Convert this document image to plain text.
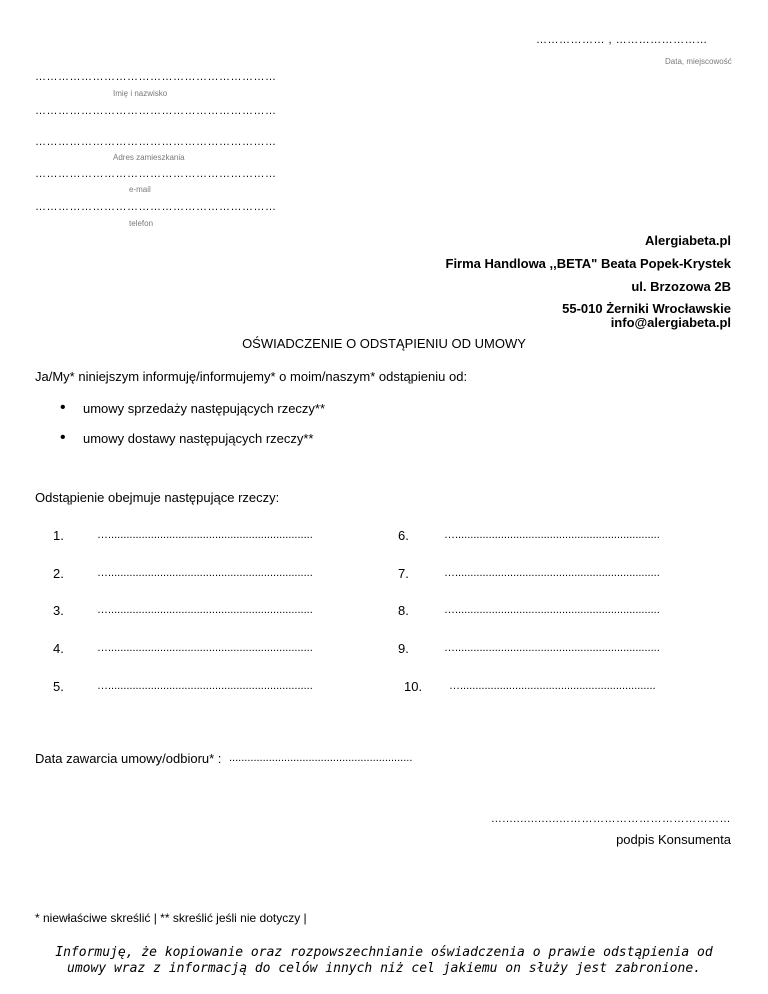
……………… , ……………………
Data, miejscowość
………………………………………………………
Imię i nazwisko
………………………………………………………
………………………………………………………
Adres zamieszkania
………………………………………………………
e-mail
………………………………………………………
telefon
Alergiabeta.pl
Firma Handlowa ,,BETA" Beata Popek-Krystek
ul. Brzozowa 2B
55-010 Żerniki Wrocławskie
info@alergiabeta.pl
OŚWIADCZENIE O ODSTĄPIENIU OD UMOWY
Ja/My* niniejszym informuję/informujemy* o moim/naszym* odstąpieniu od:
• umowy sprzedaży następujących rzeczy**
• umowy dostawy następujących rzeczy**
Odstąpienie obejmuje następujące rzeczy:
1.	…...................................................................
2.	…...................................................................
3.	…...................................................................
4.	…...................................................................
5.	…...................................................................
6.	…...................................................................
7.	…...................................................................
8.	…...................................................................
9.	…...................................................................
10. …................................................................
Data zawarcia umowy/odbioru* : ............................................................
…...................……………………………………
podpis Konsumenta
* niewłaściwe skreślić | ** skreślić jeśli nie dotyczy |
Informuję, że kopiowanie oraz rozpowszechnianie oświadczenia o prawie odstąpienia od umowy wraz z informacją do celów innych niż cel jakiemu on służy jest zabronione.
